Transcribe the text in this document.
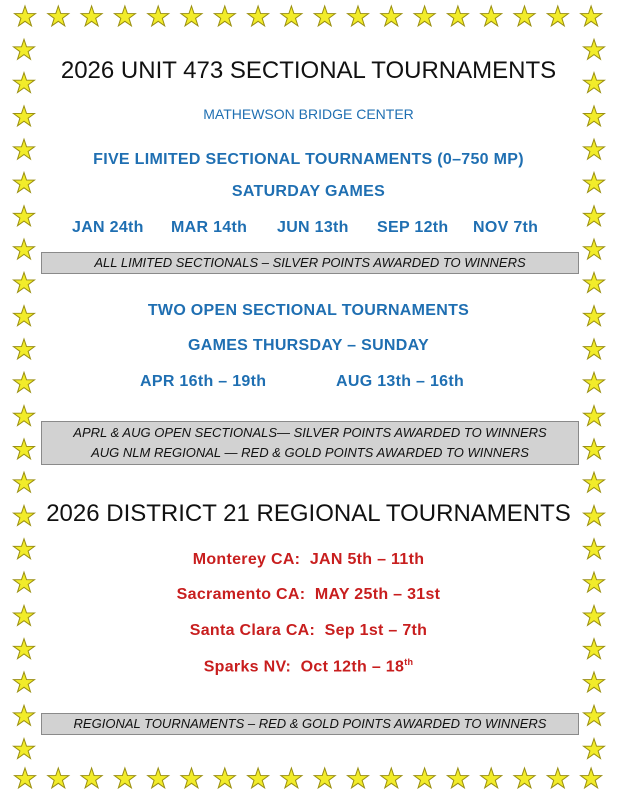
2026 UNIT 473 SECTIONAL TOURNAMENTS
MATHEWSON BRIDGE CENTER
FIVE LIMITED SECTIONAL TOURNAMENTS (0–750 MP)
SATURDAY GAMES
JAN 24th MAR 14th JUN 13th SEP 12th NOV 7th
ALL LIMITED SECTIONALS – SILVER POINTS AWARDED TO WINNERS
TWO OPEN SECTIONAL TOURNAMENTS
GAMES THURSDAY – SUNDAY
APR 16th – 19th	AUG 13th – 16th
APRL & AUG OPEN SECTIONALS— SILVER POINTS AWARDED TO WINNERS
AUG NLM REGIONAL — RED & GOLD POINTS AWARDED TO WINNERS
2026 DISTRICT 21 REGIONAL TOURNAMENTS
Monterey CA: JAN 5th – 11th
Sacramento CA: MAY 25th – 31st
Santa Clara CA: Sep 1st – 7th
Sparks NV: Oct 12th – 18th
REGIONAL TOURNAMENTS – RED & GOLD POINTS AWARDED TO WINNERS
